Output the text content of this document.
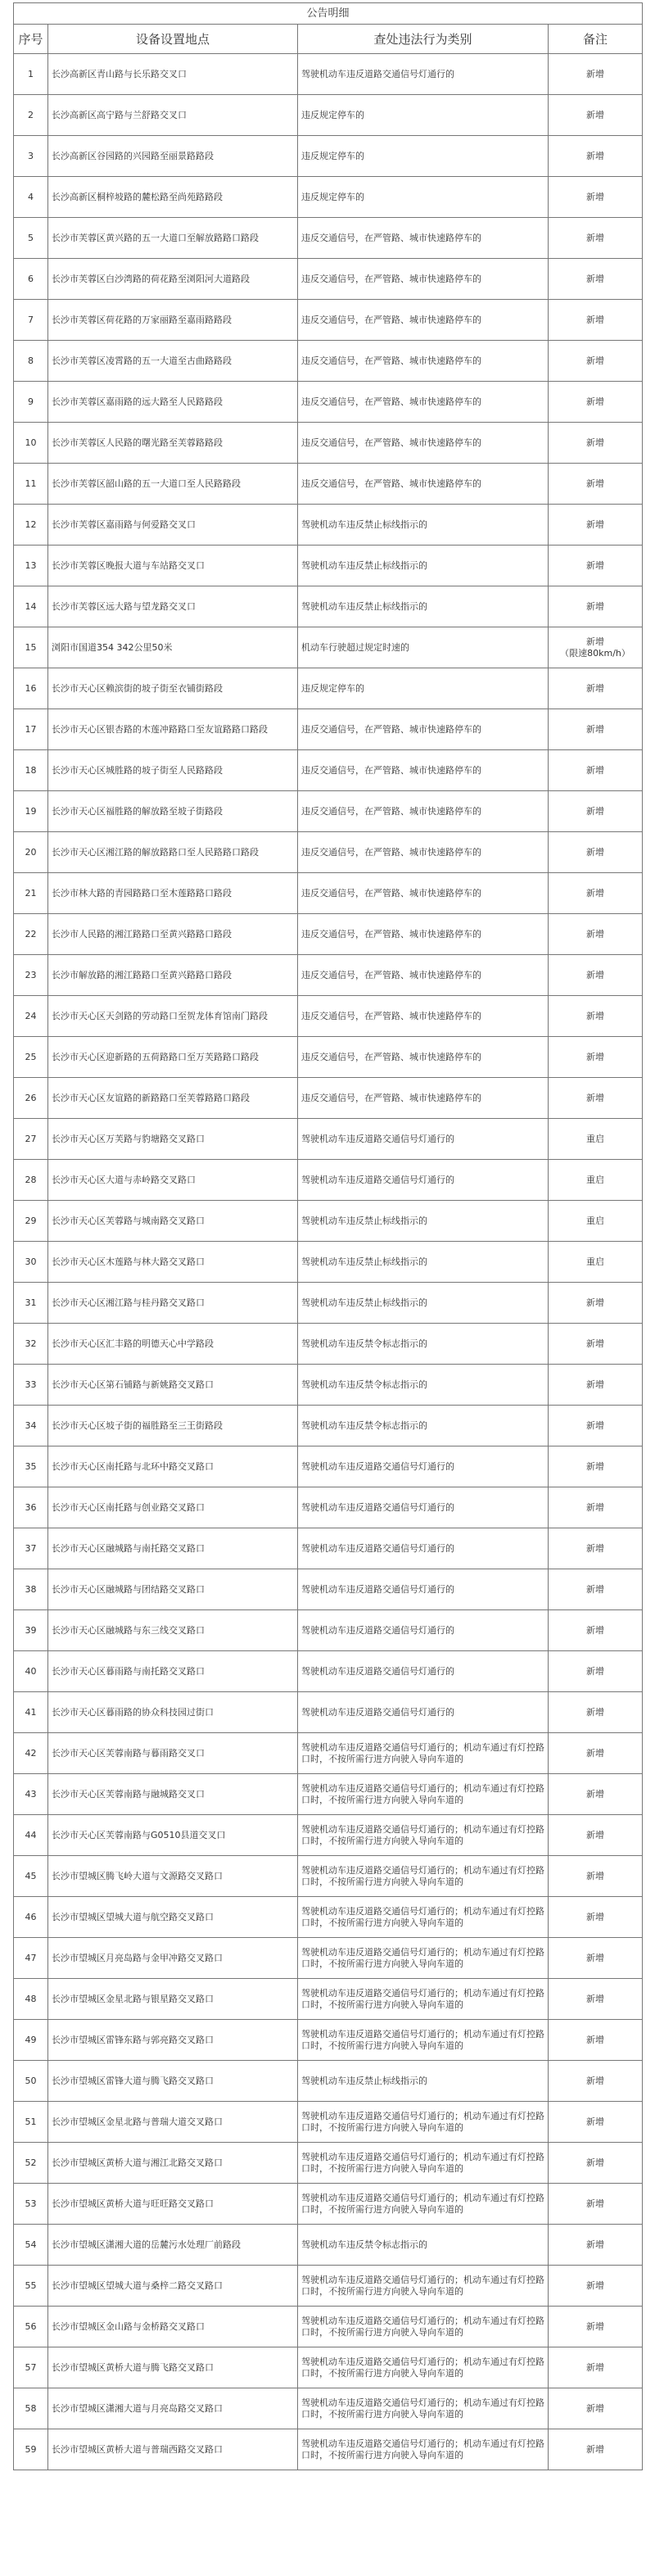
公告明细			
序号	设备设置地点	查处违法行为类别	备注
1	长沙高新区青山路与长乐路交叉口	驾驶机动车违反道路交通信号灯通行的	新增
2	长沙高新区高宁路与兰舒路交叉口	违反规定停车的	新增
3	长沙高新区谷园路的兴园路至丽景路路段	违反规定停车的	新增
4	长沙高新区桐梓坡路的麓松路至尚苑路路段	违反规定停车的	新增
5	长沙市芙蓉区黄兴路的五一大道口至解放路路口路段	违反交通信号，在严管路、城市快速路停车的	新增
6	长沙市芙蓉区白沙湾路的荷花路至浏阳河大道路段	违反交通信号，在严管路、城市快速路停车的	新增
7	长沙市芙蓉区荷花路的万家丽路至嘉雨路路段	违反交通信号，在严管路、城市快速路停车的	新增
8	长沙市芙蓉区凌霄路的五一大道至古曲路路段	违反交通信号，在严管路、城市快速路停车的	新增
9	长沙市芙蓉区嘉雨路的远大路至人民路路段	违反交通信号，在严管路、城市快速路停车的	新增
10	长沙市芙蓉区人民路的曙光路至芙蓉路路段	违反交通信号，在严管路、城市快速路停车的	新增
11	长沙市芙蓉区韶山路的五一大道口至人民路路段	违反交通信号，在严管路、城市快速路停车的	新增
12	长沙市芙蓉区嘉雨路与何爱路交叉口	驾驶机动车违反禁止标线指示的	新增
13	长沙市芙蓉区晚报大道与车站路交叉口	驾驶机动车违反禁止标线指示的	新增
14	长沙市芙蓉区远大路与望龙路交叉口	驾驶机动车违反禁止标线指示的	新增
15	浏阳市国道354 342公里50米	机动车行驶超过规定时速的	新增
（限速80km/h）
16	长沙市天心区赖滨街的坡子街至衣铺街路段	违反规定停车的	新增
17	长沙市天心区银杏路的木莲冲路路口至友谊路路口路段	违反交通信号，在严管路、城市快速路停车的	新增
18	长沙市天心区城胜路的坡子街至人民路路段	违反交通信号，在严管路、城市快速路停车的	新增
19	长沙市天心区福胜路的解放路至坡子街路段	违反交通信号，在严管路、城市快速路停车的	新增
20	长沙市天心区湘江路的解放路路口至人民路路口路段	违反交通信号，在严管路、城市快速路停车的	新增
21	长沙市林大路的青园路路口至木莲路路口路段	违反交通信号，在严管路、城市快速路停车的	新增
22	长沙市人民路的湘江路路口至黄兴路路口路段	违反交通信号，在严管路、城市快速路停车的	新增
23	长沙市解放路的湘江路路口至黄兴路路口路段	违反交通信号，在严管路、城市快速路停车的	新增
24	长沙市天心区天剑路的劳动路口至贺龙体育馆南门路段	违反交通信号，在严管路、城市快速路停车的	新增
25	长沙市天心区迎新路的五荷路路口至万芙路路口路段	违反交通信号，在严管路、城市快速路停车的	新增
26	长沙市天心区友谊路的新路路口至芙蓉路路口路段	违反交通信号，在严管路、城市快速路停车的	新增
27	长沙市天心区万芙路与豹塘路交叉路口	驾驶机动车违反道路交通信号灯通行的	重启
28	长沙市天心区大道与赤岭路交叉路口	驾驶机动车违反道路交通信号灯通行的	重启
29	长沙市天心区芙蓉路与城南路交叉路口	驾驶机动车违反禁止标线指示的	重启
30	长沙市天心区木莲路与林大路交叉路口	驾驶机动车违反禁止标线指示的	重启
31	长沙市天心区湘江路与桂丹路交叉路口	驾驶机动车违反禁止标线指示的	新增
32	长沙市天心区汇丰路的明德天心中学路段	驾驶机动车违反禁令标志指示的	新增
33	长沙市天心区第石铺路与新姚路交叉路口	驾驶机动车违反禁令标志指示的	新增
34	长沙市天心区坡子街的福胜路至三王街路段	驾驶机动车违反禁令标志指示的	新增
35	长沙市天心区南托路与北环中路交叉路口	驾驶机动车违反道路交通信号灯通行的	新增
36	长沙市天心区南托路与创业路交叉路口	驾驶机动车违反道路交通信号灯通行的	新增
37	长沙市天心区融城路与南托路交叉路口	驾驶机动车违反道路交通信号灯通行的	新增
38	长沙市天心区融城路与团结路交叉路口	驾驶机动车违反道路交通信号灯通行的	新增
39	长沙市天心区融城路与东三线交叉路口	驾驶机动车违反道路交通信号灯通行的	新增
40	长沙市天心区暮雨路与南托路交叉路口	驾驶机动车违反道路交通信号灯通行的	新增
41	长沙市天心区暮雨路的协众科技园过街口	驾驶机动车违反道路交通信号灯通行的	新增
42	长沙市天心区芙蓉南路与暮雨路交叉口	驾驶机动车违反道路交通信号灯通行的；机动车通过有灯控路口时，不按所需行进方向驶入导向车道的	新增
43	长沙市天心区芙蓉南路与融城路交叉口	驾驶机动车违反道路交通信号灯通行的；机动车通过有灯控路口时，不按所需行进方向驶入导向车道的	新增
44	长沙市天心区芙蓉南路与G0510县道交叉口	驾驶机动车违反道路交通信号灯通行的；机动车通过有灯控路口时，不按所需行进方向驶入导向车道的	新增
45	长沙市望城区腾飞岭大道与文源路交叉路口	驾驶机动车违反道路交通信号灯通行的；机动车通过有灯控路口时，不按所需行进方向驶入导向车道的	新增
46	长沙市望城区望城大道与航空路交叉路口	驾驶机动车违反道路交通信号灯通行的；机动车通过有灯控路口时，不按所需行进方向驶入导向车道的	新增
47	长沙市望城区月亮岛路与金甲冲路交叉路口	驾驶机动车违反道路交通信号灯通行的；机动车通过有灯控路口时，不按所需行进方向驶入导向车道的	新增
48	长沙市望城区金星北路与银星路交叉路口	驾驶机动车违反道路交通信号灯通行的；机动车通过有灯控路口时，不按所需行进方向驶入导向车道的	新增
49	长沙市望城区雷锋东路与郭亮路交叉路口	驾驶机动车违反道路交通信号灯通行的；机动车通过有灯控路口时，不按所需行进方向驶入导向车道的	新增
50	长沙市望城区雷锋大道与腾飞路交叉路口	驾驶机动车违反禁止标线指示的	新增
51	长沙市望城区金星北路与普瑞大道交叉路口	驾驶机动车违反道路交通信号灯通行的；机动车通过有灯控路口时，不按所需行进方向驶入导向车道的	新增
52	长沙市望城区黄桥大道与湘江北路交叉路口	驾驶机动车违反道路交通信号灯通行的；机动车通过有灯控路口时，不按所需行进方向驶入导向车道的	新增
53	长沙市望城区黄桥大道与旺旺路交叉路口	驾驶机动车违反道路交通信号灯通行的；机动车通过有灯控路口时，不按所需行进方向驶入导向车道的	新增
54	长沙市望城区潇湘大道的岳麓污水处理厂前路段	驾驶机动车违反禁令标志指示的	新增
55	长沙市望城区望城大道与桑梓二路交叉路口	驾驶机动车违反道路交通信号灯通行的；机动车通过有灯控路口时，不按所需行进方向驶入导向车道的	新增
56	长沙市望城区金山路与金桥路交叉路口	驾驶机动车违反道路交通信号灯通行的；机动车通过有灯控路口时，不按所需行进方向驶入导向车道的	新增
57	长沙市望城区黄桥大道与腾飞路交叉路口	驾驶机动车违反道路交通信号灯通行的；机动车通过有灯控路口时，不按所需行进方向驶入导向车道的	新增
58	长沙市望城区潇湘大道与月亮岛路交叉路口	驾驶机动车违反道路交通信号灯通行的；机动车通过有灯控路口时，不按所需行进方向驶入导向车道的	新增
59	长沙市望城区黄桥大道与普瑞西路交叉路口	驾驶机动车违反道路交通信号灯通行的；机动车通过有灯控路口时，不按所需行进方向驶入导向车道的	新增
